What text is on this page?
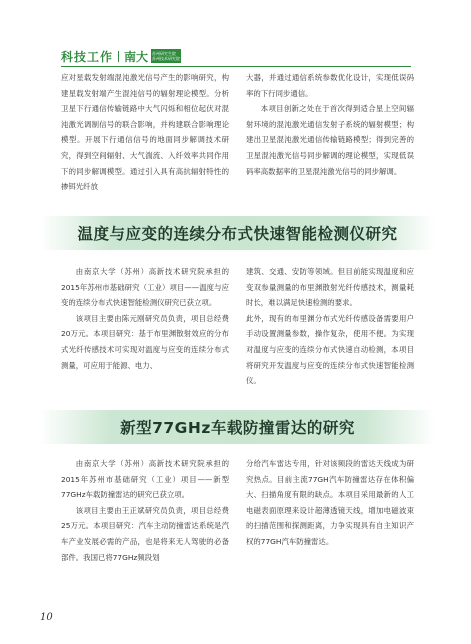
科技工作 南大 苏州研究生院
苏州技术研究院

应对星载发射端混沌激光信号产生的影响研究，构建星载发射端产生混沌信号的辐射理论模型。分析卫星下行通信传输链路中大气闪烁和相位起伏对混沌激光调制信号的联合影响，并构建联合影响理论模型。开展下行通信信号的地面同步解调技术研究，得到空间辐射、大气湍流、入纤效率共同作用下的同步解调模型。通过引入具有高抗辐射特性的掺铒光纤放

大器，并通过通信系统参数优化设计，实现低误码率的下行同步通信。

本项目创新之处在于首次得到适合星上空间辐射环境的混沌激光通信发射子系统的辐射模型；构建出卫星混沌激光通信传输链路模型；得到完善的卫星混沌激光信号同步解调的理论模型，实现低误码率高数据率的卫星混沌激光信号的同步解调。

温度与应变的连续分布式快速智能检测仪研究

由南京大学（苏州）高新技术研究院承担的2015年苏州市基础研究（工业）项目——温度与应变的连续分布式快速智能检测仪研究已获立项。

该项目主要由陈元刚研究员负责，项目总经费20万元。本项目研究：基于布里渊散射效应的分布式光纤传感技术可实现对温度与应变的连续分布式测量，可应用于能源、电力、

建筑、交通、安防等领域。但目前能实现温度和应变双参量测量的布里渊散射光纤传感技术，测量耗时长，难以满足快速检测的要求。

此外，现有的布里渊分布式光纤传感设备需要用户手动设置测量参数，操作复杂，使用不便。为实现对温度与应变的连续分布式快速自动检测，本项目将研究开发温度与应变的连续分布式快速智能检测仪。

新型77GHz车载防撞雷达的研究

由南京大学（苏州）高新技术研究院承担的2015年苏州市基础研究（工业）项目——新型77GHz车载防撞雷达的研究已获立项。

该项目主要由王正斌研究员负责，项目总经费25万元。本项目研究：汽车主动防撞雷达系统是汽车产业发展必需的产品，也是将来无人驾驶的必备部件。我国已将77GHz频段划

分给汽车雷达专用，针对该频段的雷达天线成为研究热点。目前主流77GH汽车防撞雷达存在体积偏大、扫描角度有限的缺点。本项目采用最新的人工电磁表面原理来设计超薄透镜天线，增加电磁波束的扫描范围和探测距离，力争实现具有自主知识产权的77GH汽车防撞雷达。

10
